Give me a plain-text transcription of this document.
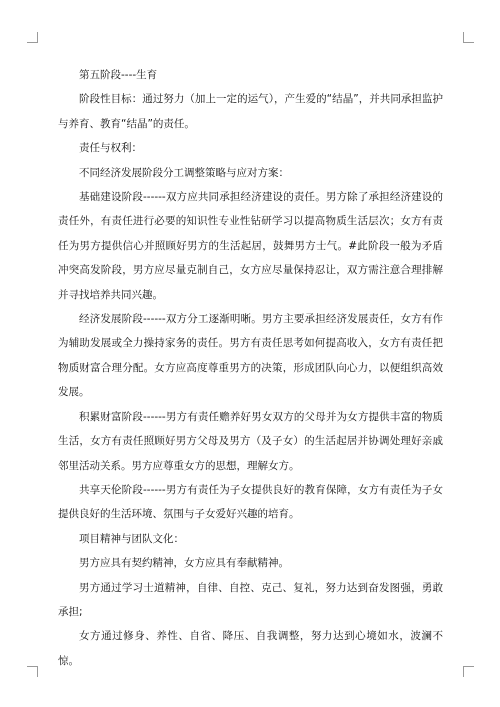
第五阶段----生育

阶段性目标：通过努力（加上一定的运气），产生爱的“结晶”，并共同承担监护与养育、教育“结晶”的责任。

责任与权利：

不同经济发展阶段分工调整策略与应对方案：

基础建设阶段------双方应共同承担经济建设的责任。男方除了承担经济建设的责任外，有责任进行必要的知识性专业性钻研学习以提高物质生活层次；女方有责任为男方提供信心并照顾好男方的生活起居，鼓舞男方士气。#此阶段一般为矛盾冲突高发阶段，男方应尽量克制自己，女方应尽量保持忍让，双方需注意合理排解并寻找培养共同兴趣。

经济发展阶段------双方分工逐渐明晰。男方主要承担经济发展责任，女方有作为辅助发展或全力操持家务的责任。男方有责任思考如何提高收入，女方有责任把物质财富合理分配。女方应高度尊重男方的决策，形成团队向心力，以便组织高效发展。

积累财富阶段------男方有责任赡养好男女双方的父母并为女方提供丰富的物质生活，女方有责任照顾好男方父母及男方（及子女）的生活起居并协调处理好亲戚邻里活动关系。男方应尊重女方的思想，理解女方。

共享天伦阶段------男方有责任为子女提供良好的教育保障，女方有责任为子女提供良好的生活环境、氛围与子女爱好兴趣的培育。

项目精神与团队文化：

男方应具有契约精神，女方应具有奉献精神。

男方通过学习士道精神，自律、自控、克己、复礼，努力达到奋发图强，勇敢承担;

女方通过修身、养性、自省、降压、自我调整，努力达到心境如水，波澜不惊。
